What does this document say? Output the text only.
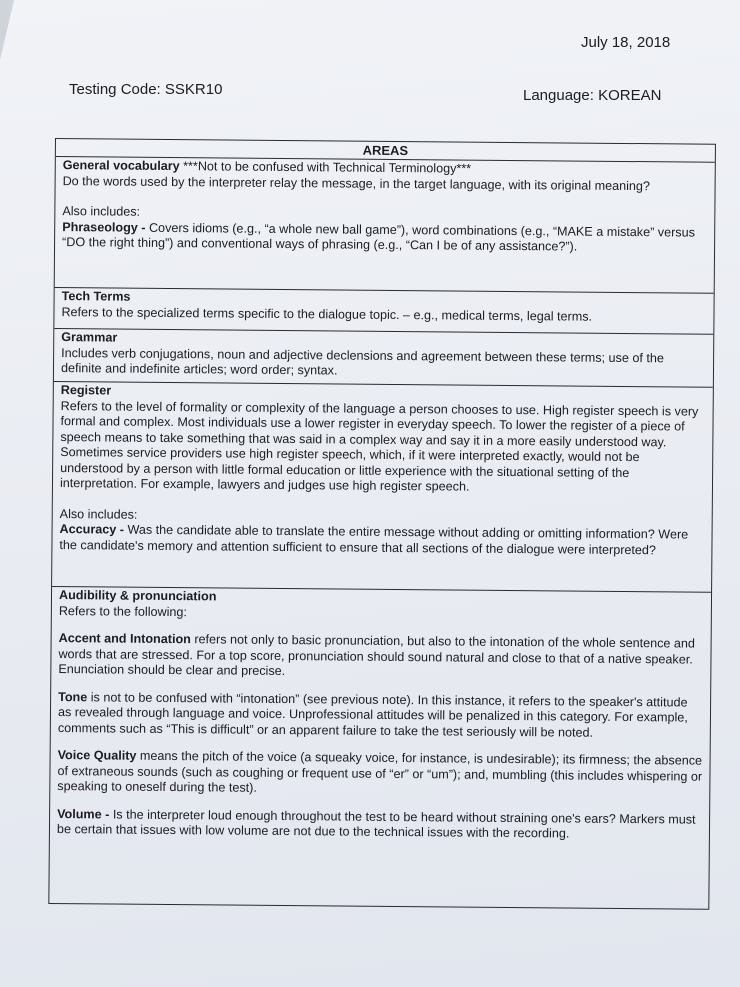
July 18, 2018
Testing Code: SSKR10	Language: KOREAN
AREAS

General vocabulary ***Not to be confused with Technical Terminology***

Do the words used by the interpreter relay the message, in the target language, with its original meaning?

Also includes:

Phraseology - Covers idioms (e.g., “a whole new ball game”), word combinations (e.g., “MAKE a mistake” versus “DO the right thing”) and conventional ways of phrasing (e.g., “Can I be of any assistance?”).

Tech Terms

Refers to the specialized terms specific to the dialogue topic. – e.g., medical terms, legal terms.

Grammar

Includes verb conjugations, noun and adjective declensions and agreement between these terms; use of the definite and indefinite articles; word order; syntax.

Register

Refers to the level of formality or complexity of the language a person chooses to use. High register speech is very formal and complex. Most individuals use a lower register in everyday speech. To lower the register of a piece of speech means to take something that was said in a complex way and say it in a more easily understood way. Sometimes service providers use high register speech, which, if it were interpreted exactly, would not be understood by a person with little formal education or little experience with the situational setting of the interpretation. For example, lawyers and judges use high register speech.

Also includes:

Accuracy - Was the candidate able to translate the entire message without adding or omitting information? Were the candidate's memory and attention sufficient to ensure that all sections of the dialogue were interpreted?

Audibility & pronunciation

Refers to the following:

Accent and Intonation refers not only to basic pronunciation, but also to the intonation of the whole sentence and words that are stressed. For a top score, pronunciation should sound natural and close to that of a native speaker. Enunciation should be clear and precise.

Tone is not to be confused with “intonation” (see previous note). In this instance, it refers to the speaker's attitude as revealed through language and voice. Unprofessional attitudes will be penalized in this category. For example, comments such as “This is difficult” or an apparent failure to take the test seriously will be noted.

Voice Quality means the pitch of the voice (a squeaky voice, for instance, is undesirable); its firmness; the absence of extraneous sounds (such as coughing or frequent use of “er” or “um”); and, mumbling (this includes whispering or speaking to oneself during the test).

Volume - Is the interpreter loud enough throughout the test to be heard without straining one's ears? Markers must be certain that issues with low volume are not due to the technical issues with the recording.
